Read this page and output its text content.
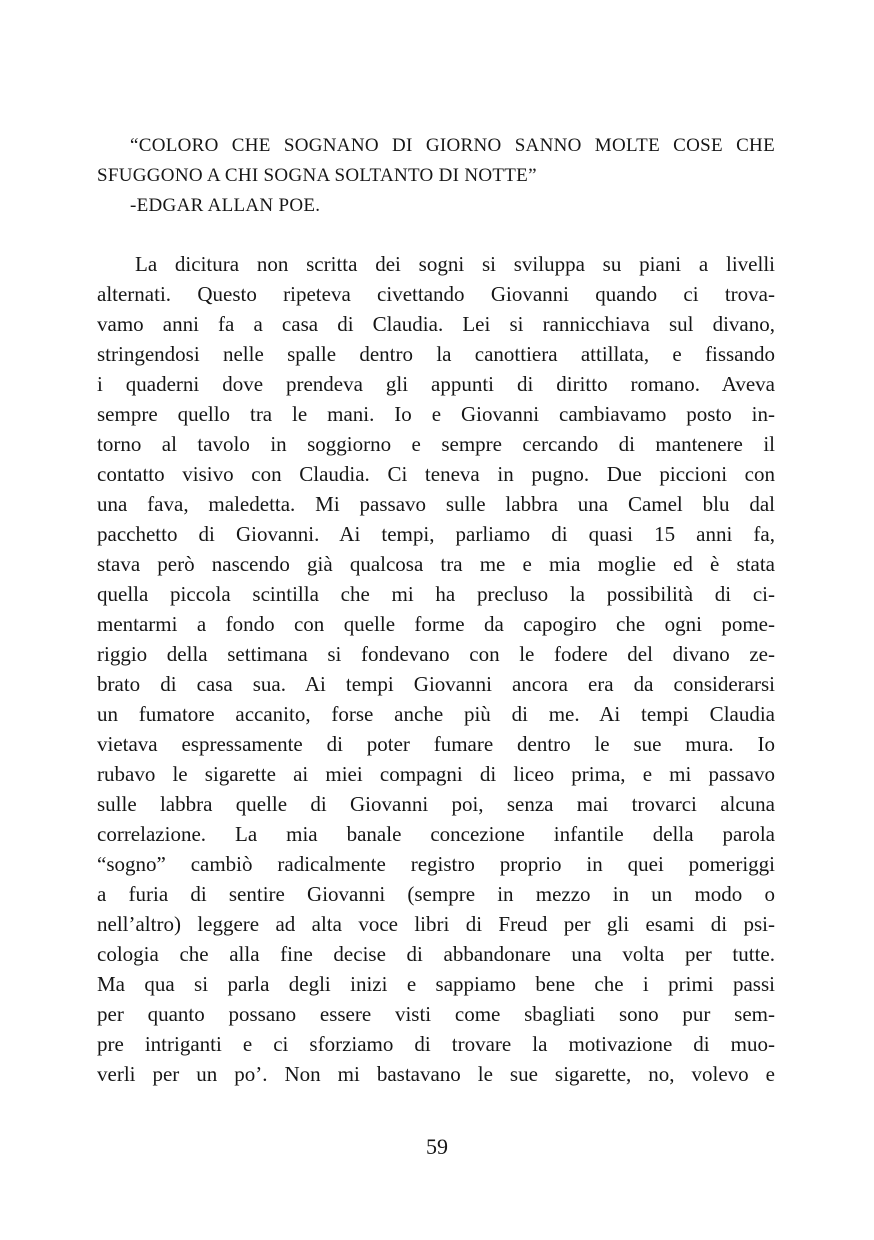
“COLORO CHE SOGNANO DI GIORNO SANNO MOLTE COSE CHE
SFUGGONO A CHI SOGNA SOLTANTO DI NOTTE”
-EDGAR ALLAN POE.
La dicitura non scritta dei sogni si sviluppa su piani a livelli
alternati. Questo ripeteva civettando Giovanni quando ci trova-
vamo anni fa a casa di Claudia. Lei si rannicchiava sul divano,
stringendosi nelle spalle dentro la canottiera attillata, e fissando
i quaderni dove prendeva gli appunti di diritto romano. Aveva
sempre quello tra le mani. Io e Giovanni cambiavamo posto in-
torno al tavolo in soggiorno e sempre cercando di mantenere il
contatto visivo con Claudia. Ci teneva in pugno. Due piccioni con
una fava, maledetta. Mi passavo sulle labbra una Camel blu dal
pacchetto di Giovanni. Ai tempi, parliamo di quasi 15 anni fa,
stava però nascendo già qualcosa tra me e mia moglie ed è stata
quella piccola scintilla che mi ha precluso la possibilità di ci-
mentarmi a fondo con quelle forme da capogiro che ogni pome-
riggio della settimana si fondevano con le fodere del divano ze-
brato di casa sua. Ai tempi Giovanni ancora era da considerarsi
un fumatore accanito, forse anche più di me. Ai tempi Claudia
vietava espressamente di poter fumare dentro le sue mura. Io
rubavo le sigarette ai miei compagni di liceo prima, e mi passavo
sulle labbra quelle di Giovanni poi, senza mai trovarci alcuna
correlazione. La mia banale concezione infantile della parola
“sogno” cambiò radicalmente registro proprio in quei pomeriggi
a furia di sentire Giovanni (sempre in mezzo in un modo o
nell’altro) leggere ad alta voce libri di Freud per gli esami di psi-
cologia che alla fine decise di abbandonare una volta per tutte.
Ma qua si parla degli inizi e sappiamo bene che i primi passi
per quanto possano essere visti come sbagliati sono pur sem-
pre intriganti e ci sforziamo di trovare la motivazione di muo-
verli per un po’. Non mi bastavano le sue sigarette, no, volevo e
59
